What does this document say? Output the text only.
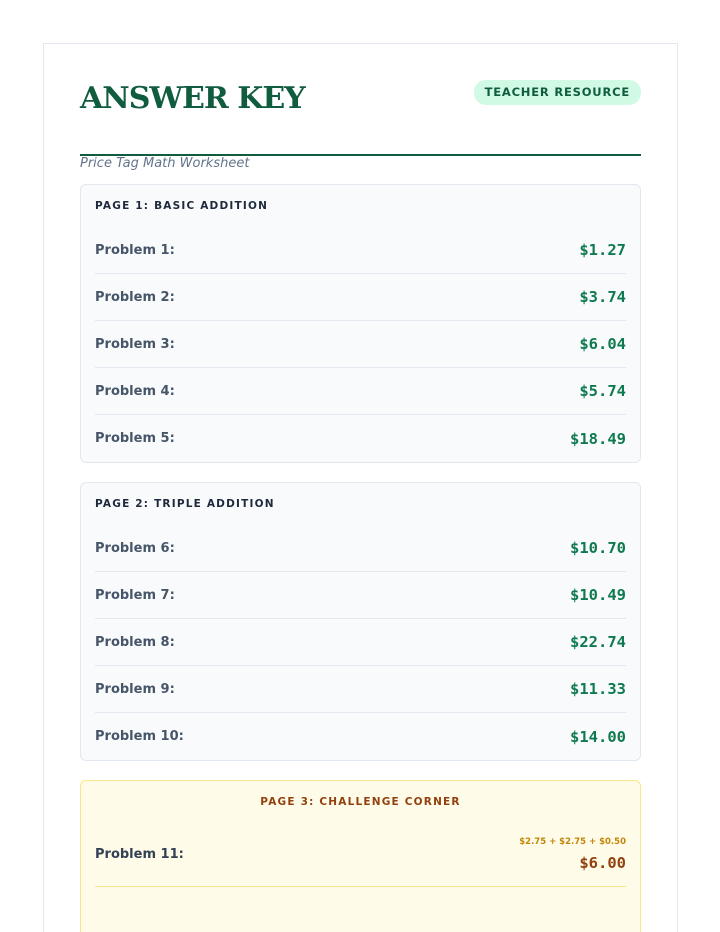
ANSWER KEY
Price Tag Math Worksheet
TEACHER RESOURCE
PAGE 1: BASIC ADDITION
Problem 1:	$1.27
Problem 2:	$3.74
Problem 3:	$6.04
Problem 4:	$5.74
Problem 5:	$18.49
PAGE 2: TRIPLE ADDITION
Problem 6:	$10.70
Problem 7:	$10.49
Problem 8:	$22.74
Problem 9:	$11.33
Problem 10:	$14.00
PAGE 3: CHALLENGE CORNER
Problem 11:
$2.75 + $2.75 + $0.50
$6.00
